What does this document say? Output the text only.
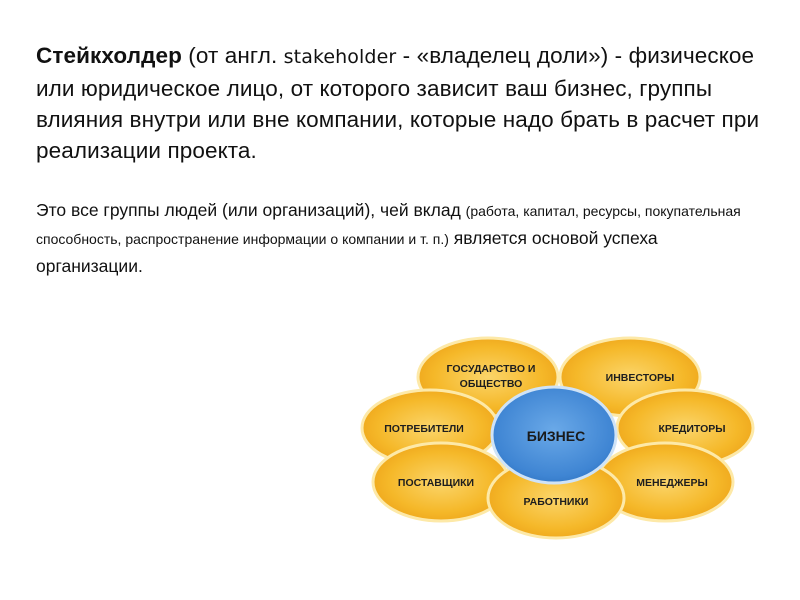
Стейкхолдер (от англ. stakeholder - «владелец доли») - физическое или юридическое лицо, от которого зависит ваш бизнес, группы влияния внутри или вне компании, которые надо брать в расчет при реализации проекта.

Это все группы людей (или организаций), чей вклад (работа, капитал, ресурсы, покупательная способность, распространение информации о компании и т. п.) является основой успеха организации.

ГОСУДАРСТВО И
ОБЩЕСТВО	ИНВЕСТОРЫ
ПОТРЕБИТЕЛИ	КРЕДИТОРЫ
ПОСТАВЩИКИ	МЕНЕДЖЕРЫ
РАБОТНИКИ
БИЗНЕС
